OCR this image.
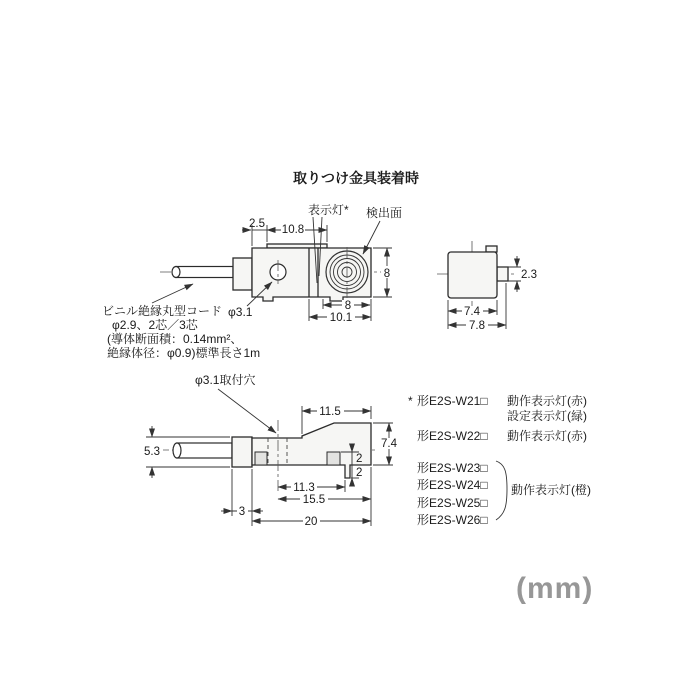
取りつけ金具装着時
表示灯* 検出面
φ3.1
2.5 10.8
8
8
10.1
ビニル絶縁丸型コード
φ2.9、2芯／3芯
(導体断面積：0.14mm²、
絶縁体径：φ0.9)標準長さ1m
2.3
7.4
7.8
φ3.1取付穴
11.5
7.4
5.3
2
2
11.3
15.5
3
20
* 形E2S-W21□ 動作表示灯(赤)
設定表示灯(緑)
形E2S-W22□ 動作表示灯(赤)
形E2S-W23□
形E2S-W24□
形E2S-W25□
形E2S-W26□
動作表示灯(橙)
(mm)
